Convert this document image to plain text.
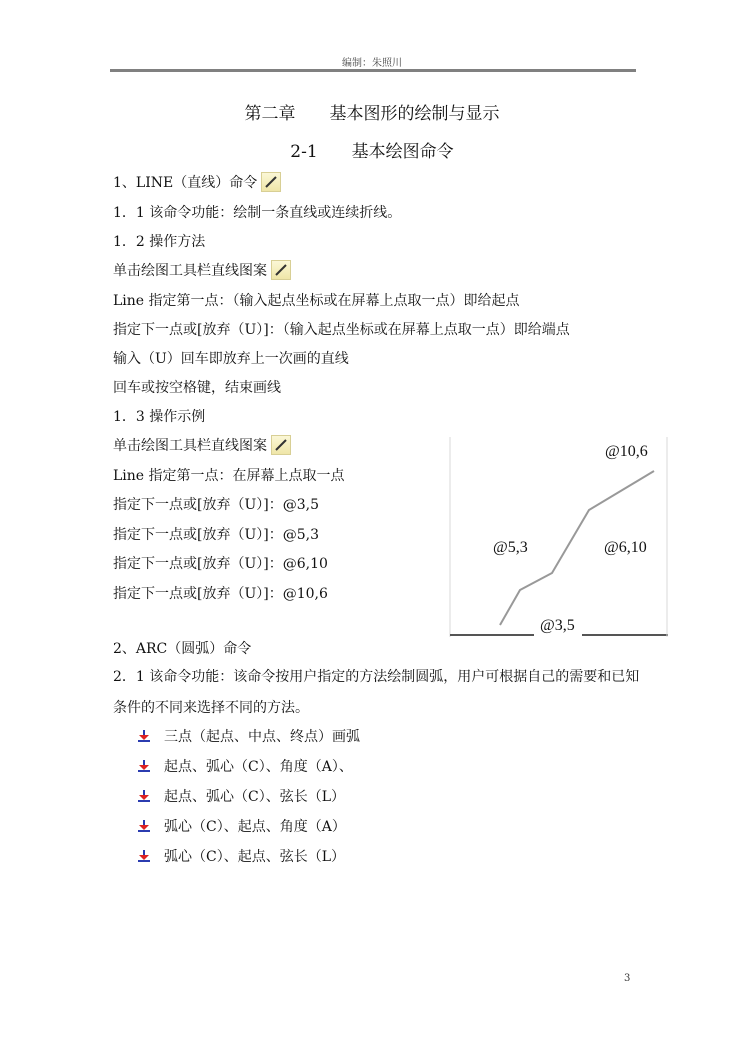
编制：朱照川
第二章　　基本图形的绘制与显示
2-1　　基本绘图命令
1、LINE（直线）命令
1．1 该命令功能：绘制一条直线或连续折线。
1．2 操作方法
单击绘图工具栏直线图案
Line 指定第一点：（输入起点坐标或在屏幕上点取一点）即给起点
指定下一点或[放弃（U）]：（输入起点坐标或在屏幕上点取一点）即给端点
输入（U）回车即放弃上一次画的直线
回车或按空格键，结束画线
1．3 操作示例
单击绘图工具栏直线图案
Line 指定第一点：在屏幕上点取一点
指定下一点或[放弃（U）]：@3,5
指定下一点或[放弃（U）]：@5,3
指定下一点或[放弃（U）]：@6,10
指定下一点或[放弃（U）]：@10,6
@10,6
@5,3	@6,10
@3,5
2、ARC（圆弧）命令
2．1 该命令功能：该命令按用户指定的方法绘制圆弧，用户可根据自己的需要和已知条件的不同来选择不同的方法。
三点（起点、中点、终点）画弧
起点、弧心（C）、角度（A）、
起点、弧心（C）、弦长（L）
弧心（C）、起点、角度（A）
弧心（C）、起点、弦长（L）
3
